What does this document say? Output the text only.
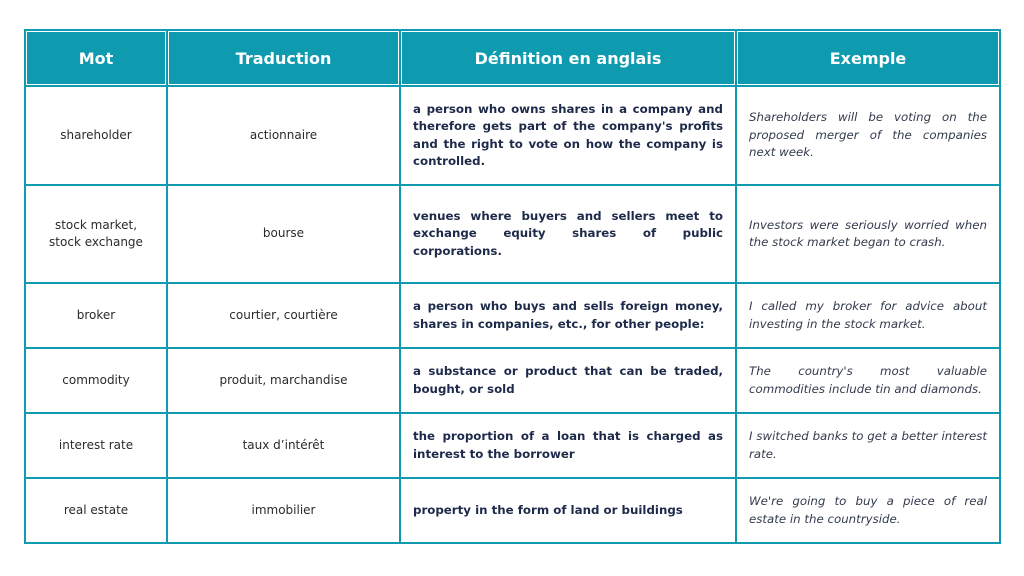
Mot	Traduction	Définition en anglais	Exemple
shareholder	actionnaire	a person who owns shares in a company and therefore gets part of the company's profits and the right to vote on how the company is controlled.	Shareholders will be voting on the proposed merger of the companies next week.
stock market, stock exchange	bourse	venues where buyers and sellers meet to exchange equity shares of public corporations.	Investors were seriously worried when the stock market began to crash.
broker	courtier, courtière	a person who buys and sells foreign money, shares in companies, etc., for other people:	I called my broker for advice about investing in the stock market.
commodity	produit, marchandise	a substance or product that can be traded, bought, or sold	The country's most valuable commodities include tin and diamonds.
interest rate	taux d’intérêt	the proportion of a loan that is charged as interest to the borrower	I switched banks to get a better interest rate.
real estate	immobilier	property in the form of land or buildings	We're going to buy a piece of real estate in the countryside.
